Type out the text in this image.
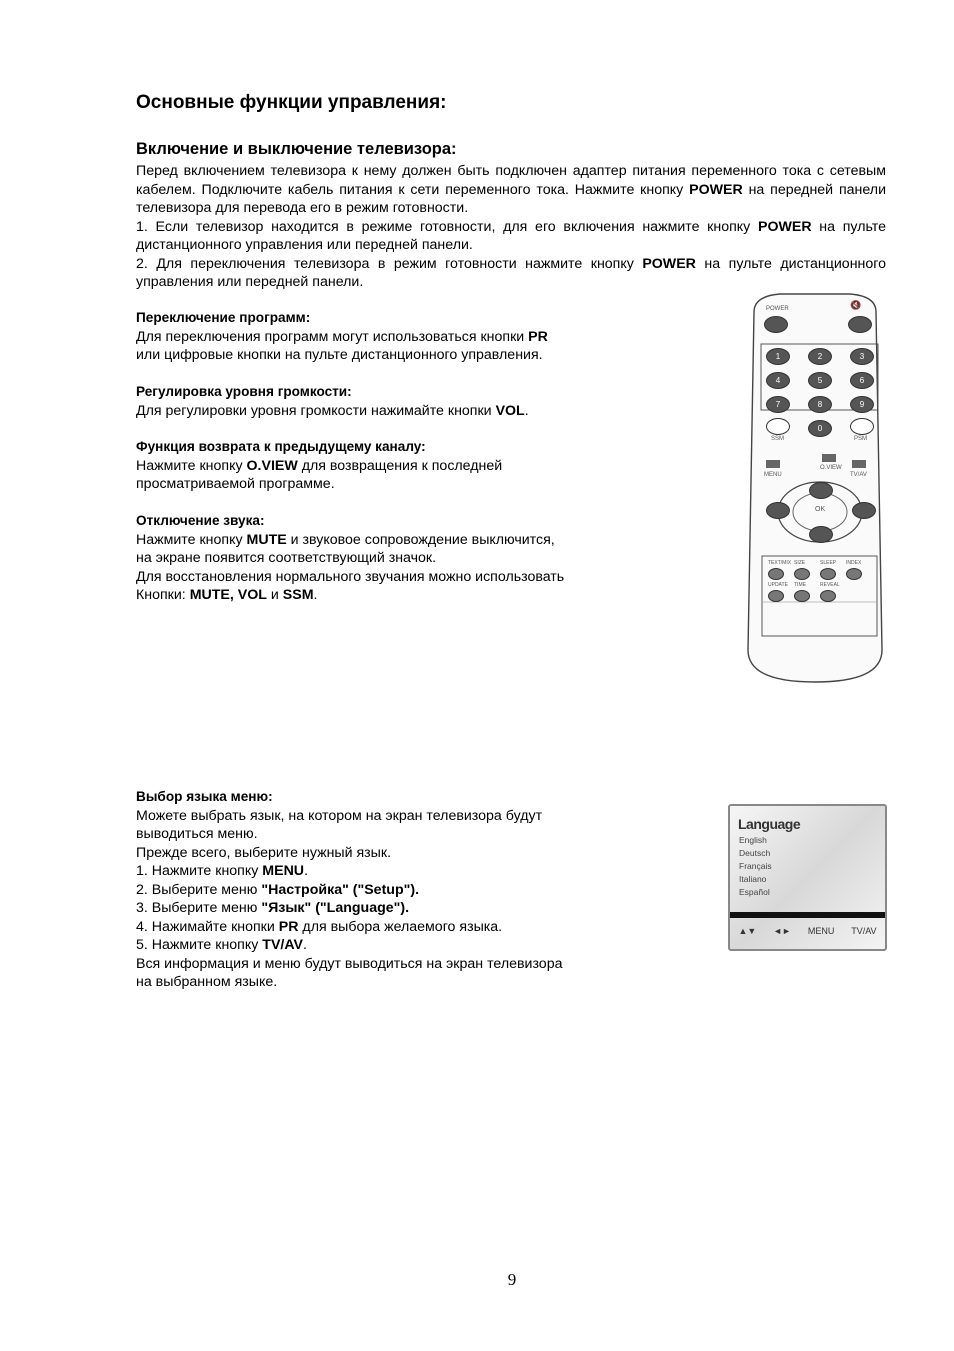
Основные функции управления:
Включение и выключение телевизора:
Перед включением телевизора к нему должен быть подключен адаптер питания переменного тока с сетевым кабелем. Подключите кабель питания к сети переменного тока. Нажмите кнопку POWER на передней панели телевизора для перевода его в режим готовности.
1. Если телевизор находится в режиме готовности, для его включения нажмите кнопку POWER на пульте дистанционного управления или передней панели.
2. Для переключения телевизора в режим готовности нажмите кнопку POWER на пульте дистанционного управления или передней панели.
Переключение программ:
Для переключения программ могут использоваться кнопки PR
или цифровые кнопки на пульте дистанционного управления.
Регулировка уровня громкости:
Для регулировки уровня громкости нажимайте кнопки VOL.
Функция возврата к предыдущему каналу:
Нажмите кнопку O.VIEW для возвращения к последней
просматриваемой программе.
Отключение звука:
Нажмите кнопку MUTE и звуковое сопровождение выключится,
на экране появится соответствующий значок.
Для восстановления нормального звучания можно использовать
Кнопки: MUTE, VOL и SSM.
Выбор языка меню:
Можете выбрать язык, на котором на экран телевизора будут
выводиться меню.
Прежде всего, выберите нужный язык.
1. Нажмите кнопку MENU.
2. Выберите меню "Настройка" ("Setup").
3. Выберите меню "Язык" ("Language").
4. Нажимайте кнопки PR для выбора желаемого языка.
5. Нажмите кнопку TV/AV.
Вся информация и меню будут выводиться на экран телевизора
на выбранном языке.
POWER	🔇
1	2	3
4	5	6
7	8	9
0
SSM	PSM
MENU
O.VIEW
TV/AV
OK
TEXT/MIX SIZE	SLEEP INDEX
UPDATE TIME	REVEAL
Language
English
Deutsch
Français
Italiano
Español
▲▼ ◄► MENU TV/AV
9
